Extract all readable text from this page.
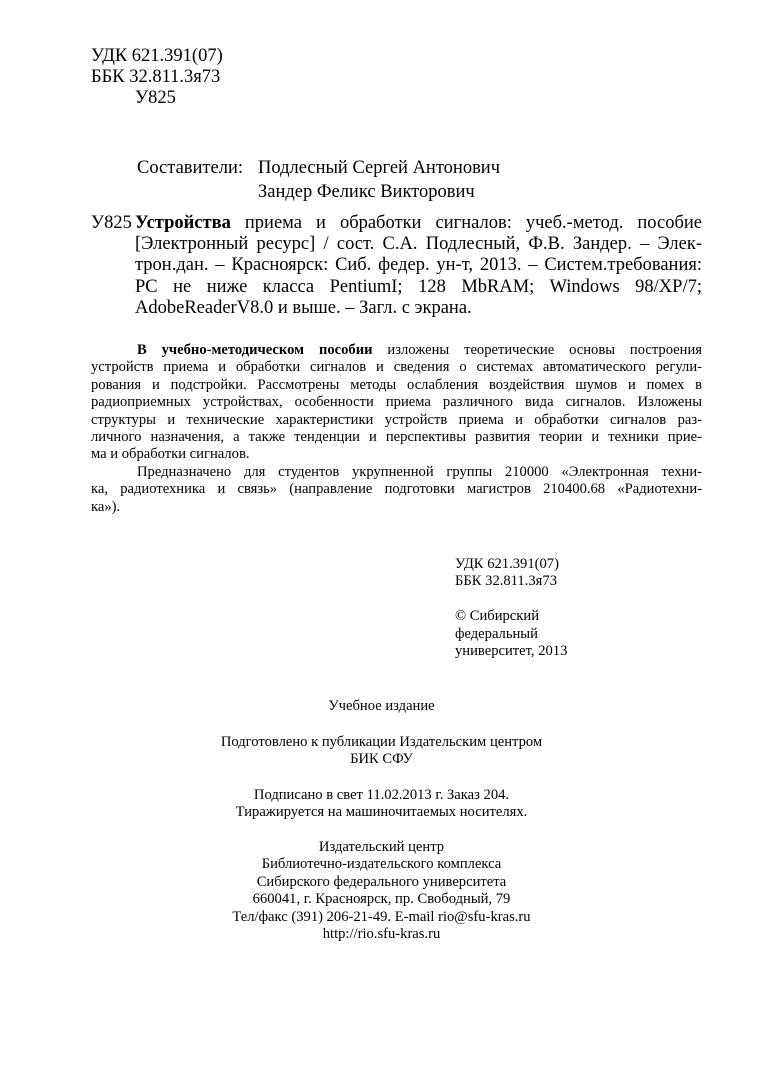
УДК 621.391(07)
ББК 32.811.3я73
У825
Составители: Подлесный Сергей Антонович
Зандер Феликс Викторович
У825 Устройства приема и обработки сигналов: учеб.-метод. пособие
[Электронный ресурс] / сост. С.А. Подлесный, Ф.В. Зандер. – Элек-
трон.дан. – Красноярск: Сиб. федер. ун-т, 2013. – Систем.требования:
PC не ниже класса PentiumI; 128 MbRAM; Windows 98/XP/7;
AdobeReaderV8.0 и выше. – Загл. с экрана.
В учебно-методическом пособии изложены теоретические основы построения
устройств приема и обработки сигналов и сведения о системах автоматического регули-
рования и подстройки. Рассмотрены методы ослабления воздействия шумов и помех в
радиоприемных устройствах, особенности приема различного вида сигналов. Изложены
структуры и технические характеристики устройств приема и обработки сигналов раз-
личного назначения, а также тенденции и перспективы развития теории и техники прие-
ма и обработки сигналов.
Предназначено для студентов укрупненной группы 210000 «Электронная техни-
ка, радиотехника и связь» (направление подготовки магистров 210400.68 «Радиотехни-
ка»).
УДК 621.391(07)
ББК 32.811.3я73
© Сибирский
федеральный
университет, 2013
Учебное издание
Подготовлено к публикации Издательским центром
БИК СФУ
Подписано в свет 11.02.2013 г. Заказ 204.
Тиражируется на машиночитаемых носителях.
Издательский центр
Библиотечно-издательского комплекса
Сибирского федерального университета
660041, г. Красноярск, пр. Свободный, 79
Тел/факс (391) 206-21-49. E-mail rio@sfu-kras.ru
http://rio.sfu-kras.ru
